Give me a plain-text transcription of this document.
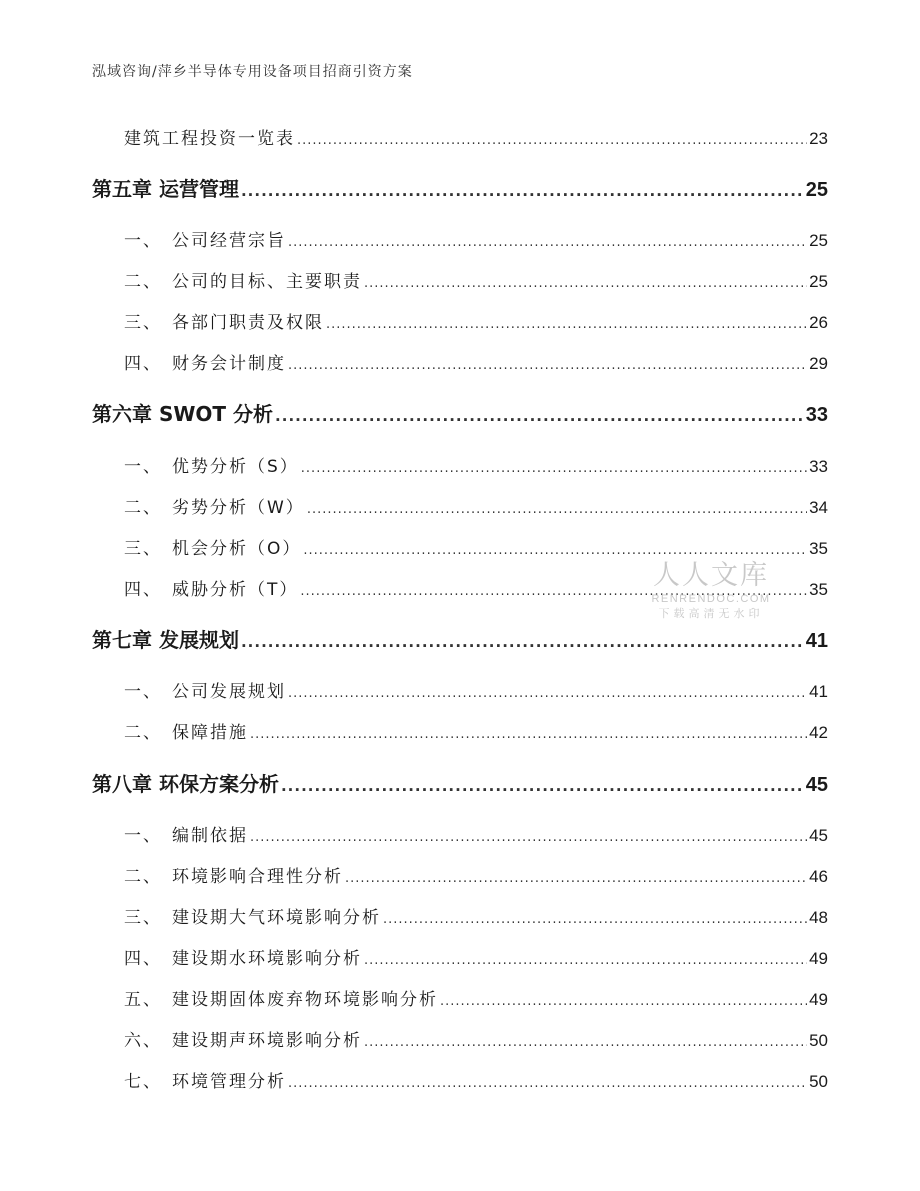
泓域咨询/萍乡半导体专用设备项目招商引资方案
建筑工程投资一览表 .....	23
第五章 运营管理 .....	25
一、 公司经营宗旨 .....	25
二、 公司的目标、主要职责 .....	25
三、 各部门职责及权限 .....	26
四、 财务会计制度 .....	29
第六章 SWOT 分析 .....	33
一、 优势分析（S） .....	33
二、 劣势分析（W） .....	34
三、 机会分析（O） .....	35
四、 威胁分析（T） .....	35
第七章 发展规划 .....	41
一、 公司发展规划 .....	41
二、 保障措施 .....	42
第八章 环保方案分析 .....	45
一、 编制依据 .....	45
二、 环境影响合理性分析 .....	46
三、 建设期大气环境影响分析 .....	48
四、 建设期水环境影响分析 .....	49
五、 建设期固体废弃物环境影响分析 .....	49
六、 建设期声环境影响分析 .....	50
七、 环境管理分析 .....	50
人人文库
RENRENDOC.COM
下载高清无水印
